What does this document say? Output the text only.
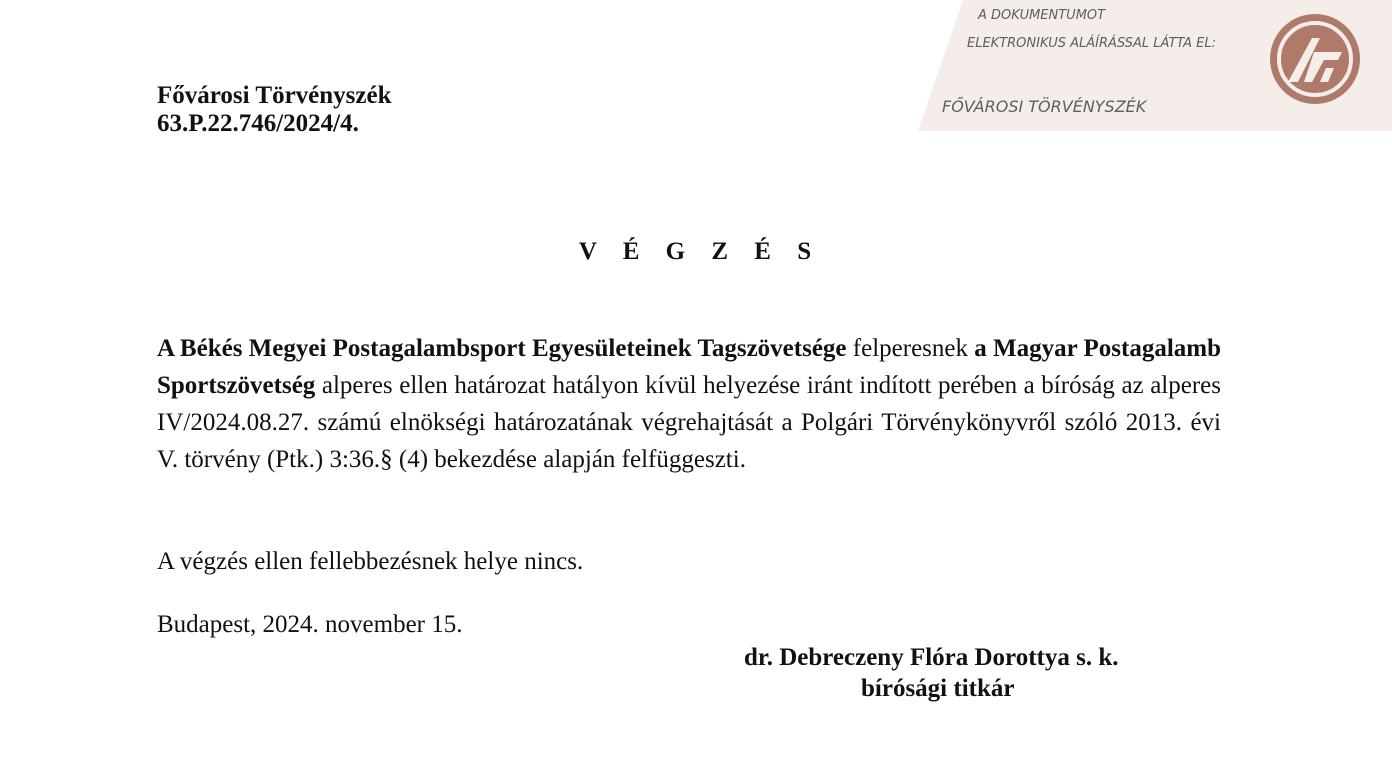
Fővárosi Törvényszék
63.P.22.746/2024/4.
A DOKUMENTUMOT
ELEKTRONIKUS ALÁÍRÁSSAL LÁTTA EL:
FŐVÁROSI TÖRVÉNYSZÉK
V É G Z É S
A Békés Megyei Postagalambsport Egyesületeinek Tagszövetsége felperesnek a Magyar Postagalamb Sportszövetség alperes ellen határozat hatályon kívül helyezése iránt indított perében a bíróság az alperes IV/2024.08.27. számú elnökségi határozatának végrehajtását a Polgári Törvénykönyvről szóló 2013. évi V. törvény (Ptk.) 3:36.§ (4) bekezdése alapján felfüggeszti.
A végzés ellen fellebbezésnek helye nincs.
Budapest, 2024. november 15.
dr. Debreczeny Flóra Dorottya s. k.
bírósági titkár
